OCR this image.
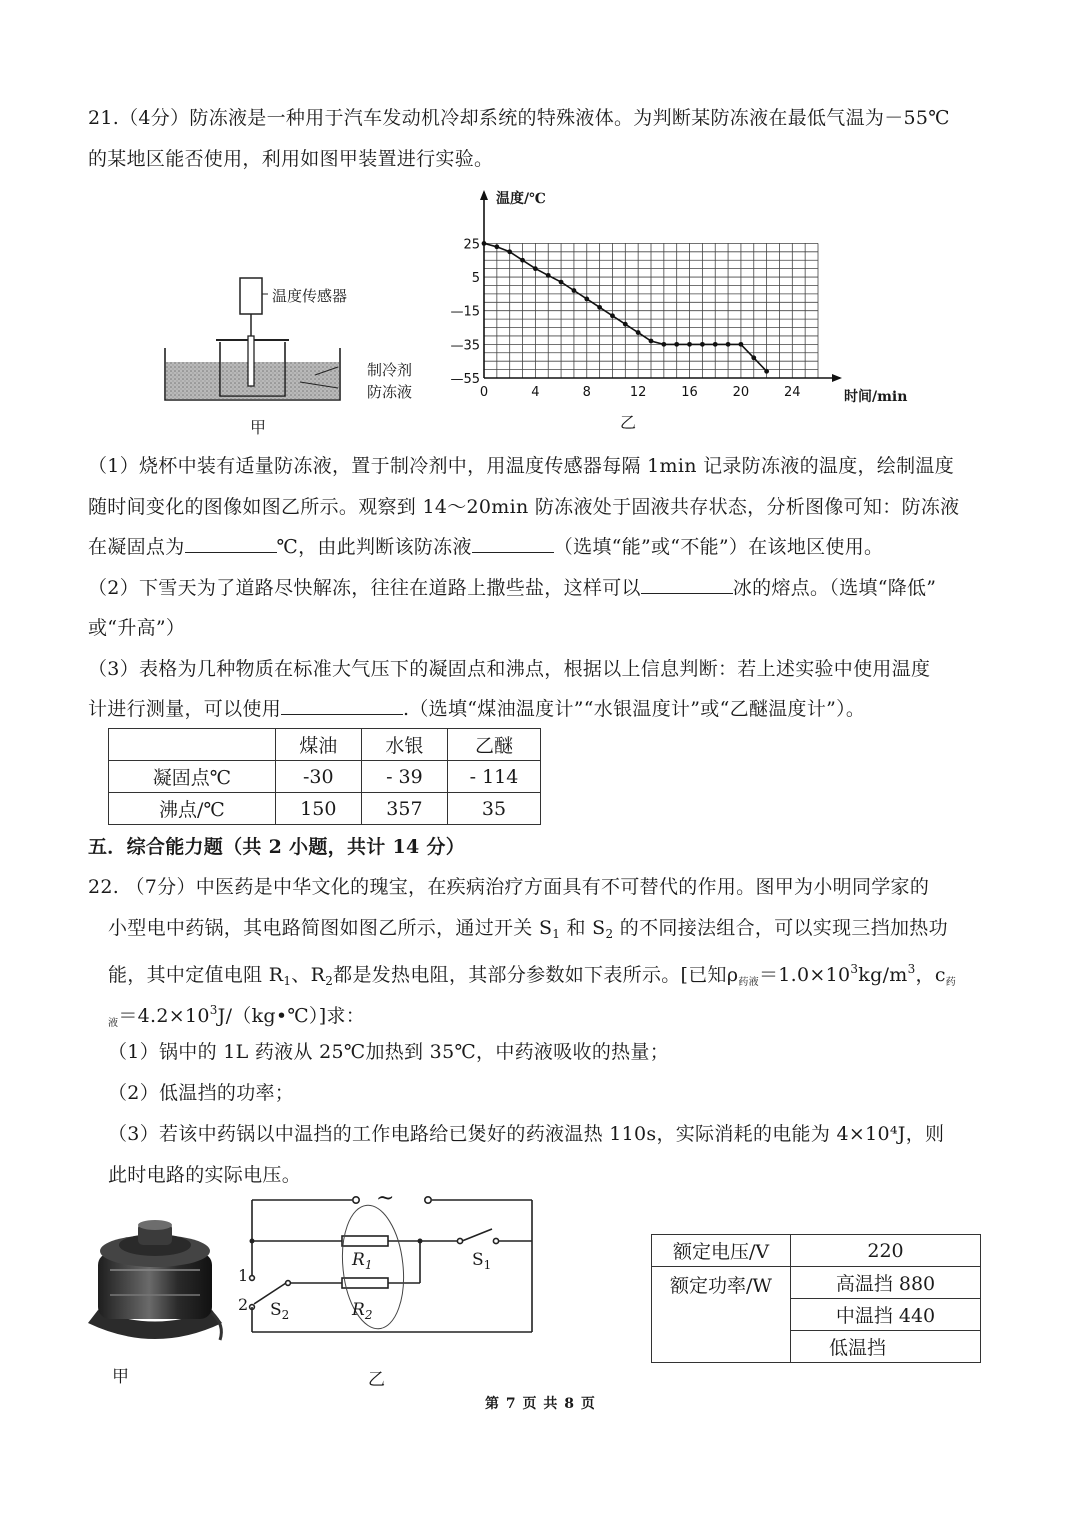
21.（4分）防冻液是一种用于汽车发动机冷却系统的特殊液体。为判断某防冻液在最低气温为－55℃
的某地区能否使用，利用如图甲装置进行实验。
温度传感器
制冷剂
防冻液
甲
25
5
—15
—35
—55
0	4	8	12	16	20	24
温度/℃
时间/min
乙
（1）烧杯中装有适量防冻液，置于制冷剂中，用温度传感器每隔 1min 记录防冻液的温度，绘制温度
随时间变化的图像如图乙所示。观察到 14～20min 防冻液处于固液共存状态，分析图像可知：防冻液
在凝固点为	℃，由此判断该防冻液	（选填“能”或“不能”）在该地区使用。
（2）下雪天为了道路尽快解冻，往往在道路上撒些盐，这样可以	冰的熔点。（选填“降低”
或“升高”）
（3）表格为几种物质在标准大气压下的凝固点和沸点，根据以上信息判断：若上述实验中使用温度
计进行测量，可以使用	.（选填“煤油温度计”“水银温度计”或“乙醚温度计”）。
	煤油	水银	乙醚
凝固点℃	-30	- 39	- 114
沸点/℃	150	357	35
五．综合能力题（共 2 小题，共计 14 分）
22. （7分）中医药是中华文化的瑰宝，在疾病治疗方面具有不可替代的作用。图甲为小明同学家的
小型电中药锅，其电路简图如图乙所示，通过开关 $S_1$ 和 $S_2$ 的不同接法组合，可以实现三挡加热功
能，其中定值电阻 $R_1$、$R_2$都是发热电阻，其部分参数如下表所示。[已知$\rho_{药液}=1.0\times 10^3kg/m^3$，$c_药$
$_液=4.2\times 10^3J/(kg•℃)$]求：
（1）锅中的 1L 药液从 25℃加热到 35℃，中药液吸收的热量；
（2）低温挡的功率；
（3）若该中药锅以中温挡的工作电路给已煲好的药液温热 110s，实际消耗的电能为 4×10⁴J，则
此时电路的实际电压。
甲
~
$R_1$
$R_2$
$S_1$
$S_2$
1
2
乙
额定电压/V	220
额定功率/W	高温挡 880
	中温挡 440
	低温挡
第 7 页 共 8 页
